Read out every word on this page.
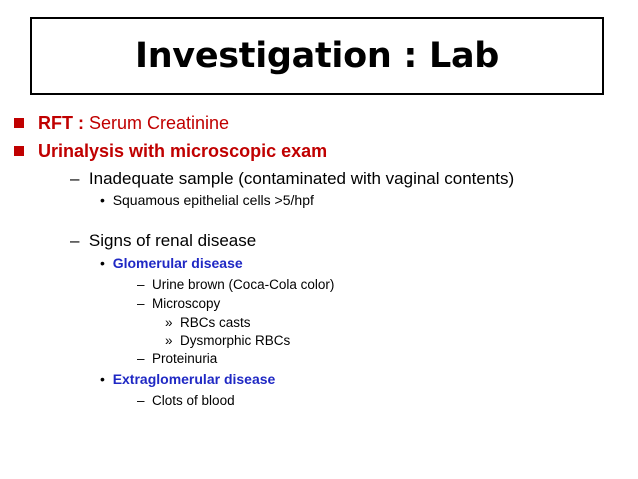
Investigation : Lab
RFT : Serum Creatinine
Urinalysis with microscopic exam
– Inadequate sample (contaminated with vaginal contents)
• Squamous epithelial cells >5/hpf
– Signs of renal disease
• Glomerular disease
– Urine brown (Coca-Cola color)
– Microscopy
» RBCs casts
» Dysmorphic RBCs
– Proteinuria
• Extraglomerular disease
– Clots of blood
